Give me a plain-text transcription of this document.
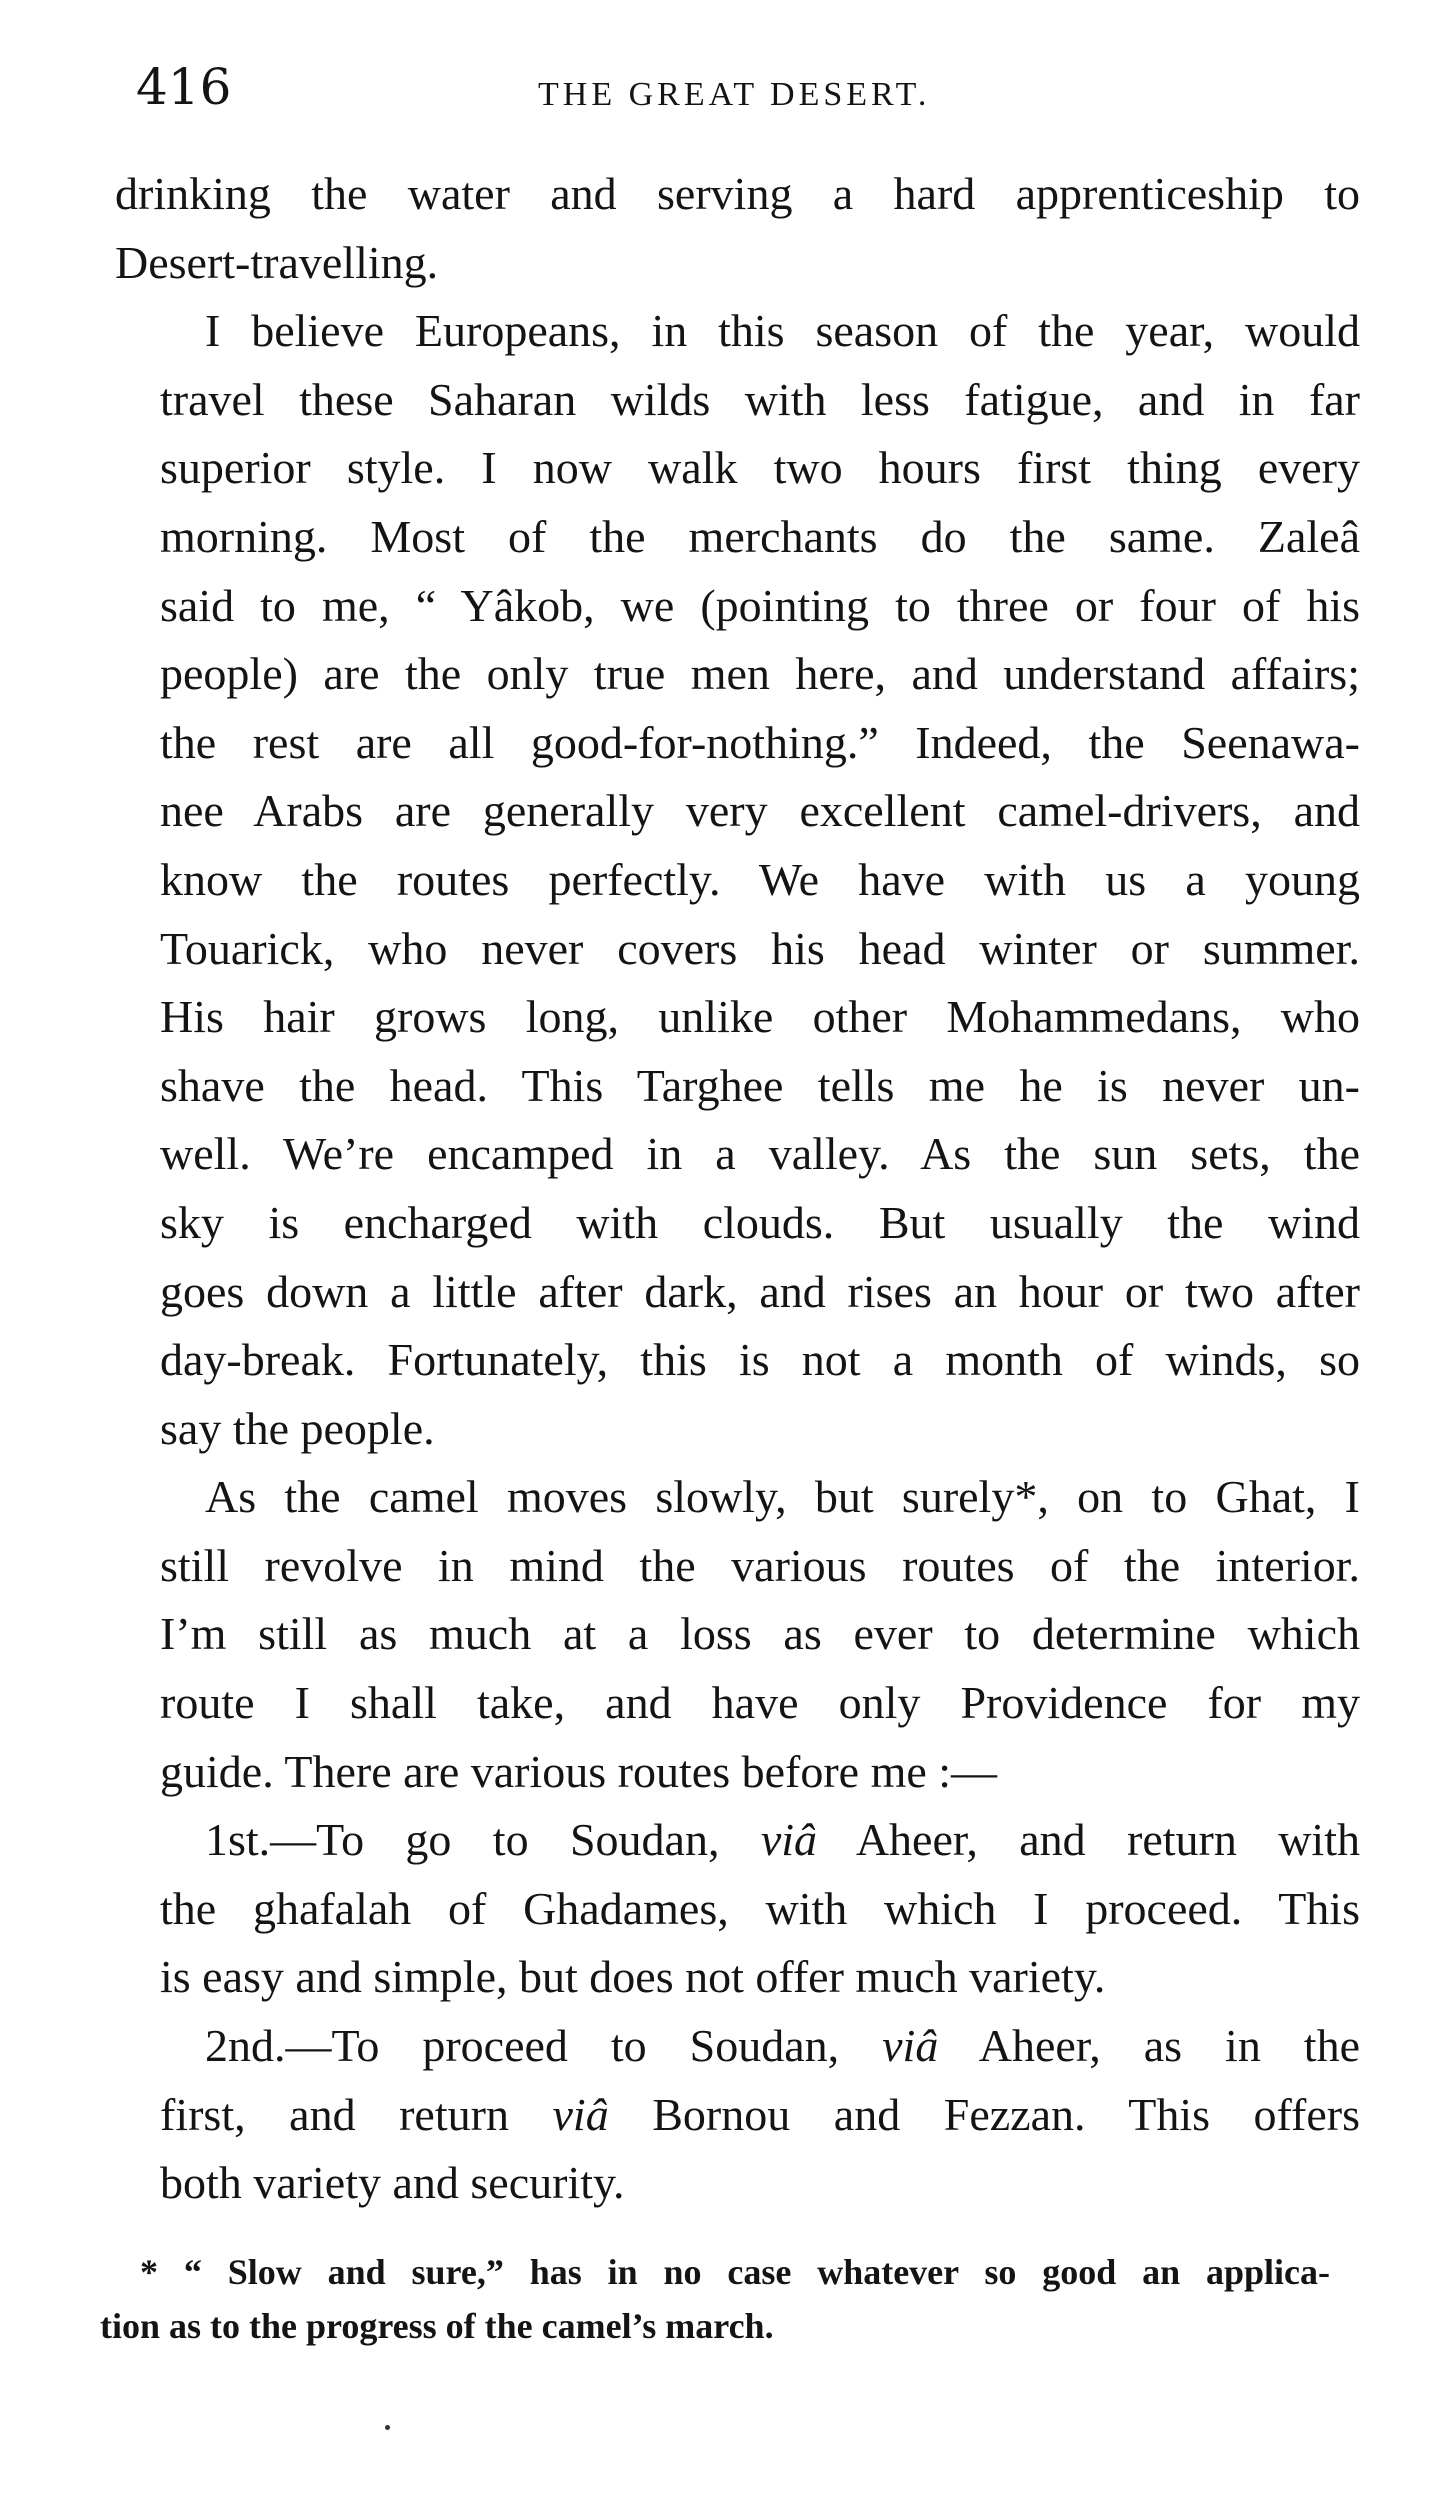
416	THE GREAT DESERT.

drinking the water and serving a hard apprenticeship to
Desert-travelling.

I believe Europeans, in this season of the year, would
travel these Saharan wilds with less fatigue, and in far
superior style. I now walk two hours first thing every
morning. Most of the merchants do the same. Zaleâ
said to me, “ Yâkob, we (pointing to three or four of his
people) are the only true men here, and understand affairs;
the rest are all good-for-nothing.” Indeed, the Seenawa-
nee Arabs are generally very excellent camel-drivers, and
know the routes perfectly. We have with us a young
Touarick, who never covers his head winter or summer.
His hair grows long, unlike other Mohammedans, who
shave the head. This Targhee tells me he is never un-
well. We’re encamped in a valley. As the sun sets, the
sky is encharged with clouds. But usually the wind
goes down a little after dark, and rises an hour or two after
day-break. Fortunately, this is not a month of winds, so
say the people.

As the camel moves slowly, but surely*, on to Ghat, I
still revolve in mind the various routes of the interior.
I’m still as much at a loss as ever to determine which
route I shall take, and have only Providence for my
guide. There are various routes before me :—

1st.—To go to Soudan, viâ Aheer, and return with
the ghafalah of Ghadames, with which I proceed. This
is easy and simple, but does not offer much variety.

2nd.—To proceed to Soudan, viâ Aheer, as in the
first, and return viâ Bornou and Fezzan. This offers
both variety and security.

* “ Slow and sure,” has in no case whatever so good an applica-
tion as to the progress of the camel’s march.
